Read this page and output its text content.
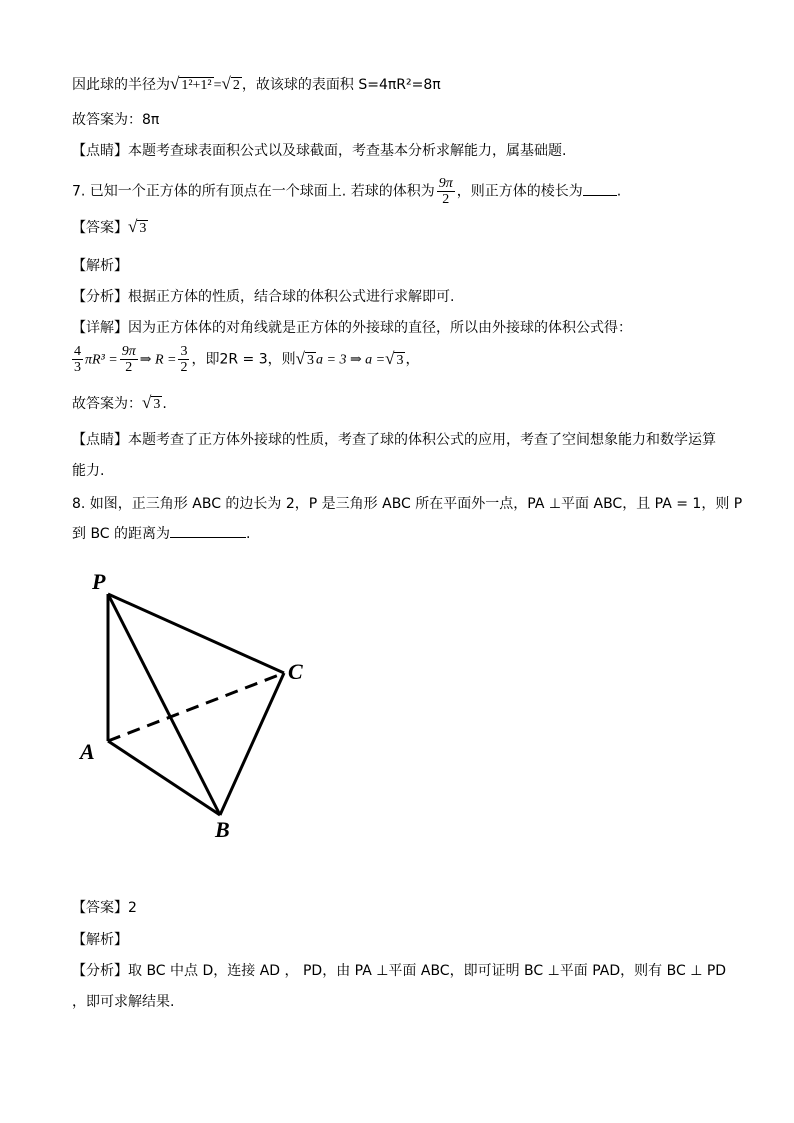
因此球的半径为√ 1²+1² =√ 2 ，故该球的表面积 S=4πR²=8π
故答案为：8π
【点睛】本题考查球表面积公式以及球截面，考查基本分析求解能力，属基础题.
7. 已知一个正方体的所有顶点在一个球面上. 若球的体积为 $\frac{9\pi}{2}$ ，则正方体的棱长为 .
【答案】√ 3
【解析】
【分析】根据正方体的性质，结合球的体积公式进行求解即可.
【详解】因为正方体体的对角线就是正方体的外接球的直径，所以由外接球的体积公式得：
$\frac{4}{3} \pi R^3 = \frac{9\pi}{2}$ ⇒ $R = \frac{3}{2}$ ，即2R = 3，则√ 3 a = 3 ⇒ a =√ 3 ，
故答案为：√ 3 .
【点睛】本题考查了正方体外接球的性质，考查了球的体积公式的应用，考查了空间想象能力和数学运算
能力.
8. 如图，正三角形 ABC 的边长为 2，P 是三角形 ABC 所在平面外一点，PA ⊥平面 ABC，且 PA = 1，则 P
到 BC 的距离为	.
P
C
A
B
【答案】2
【解析】
【分析】取 BC 中点 D，连接 AD ， PD，由 PA ⊥平面 ABC，即可证明 BC ⊥平面 PAD，则有 BC ⊥ PD
，即可求解结果.
